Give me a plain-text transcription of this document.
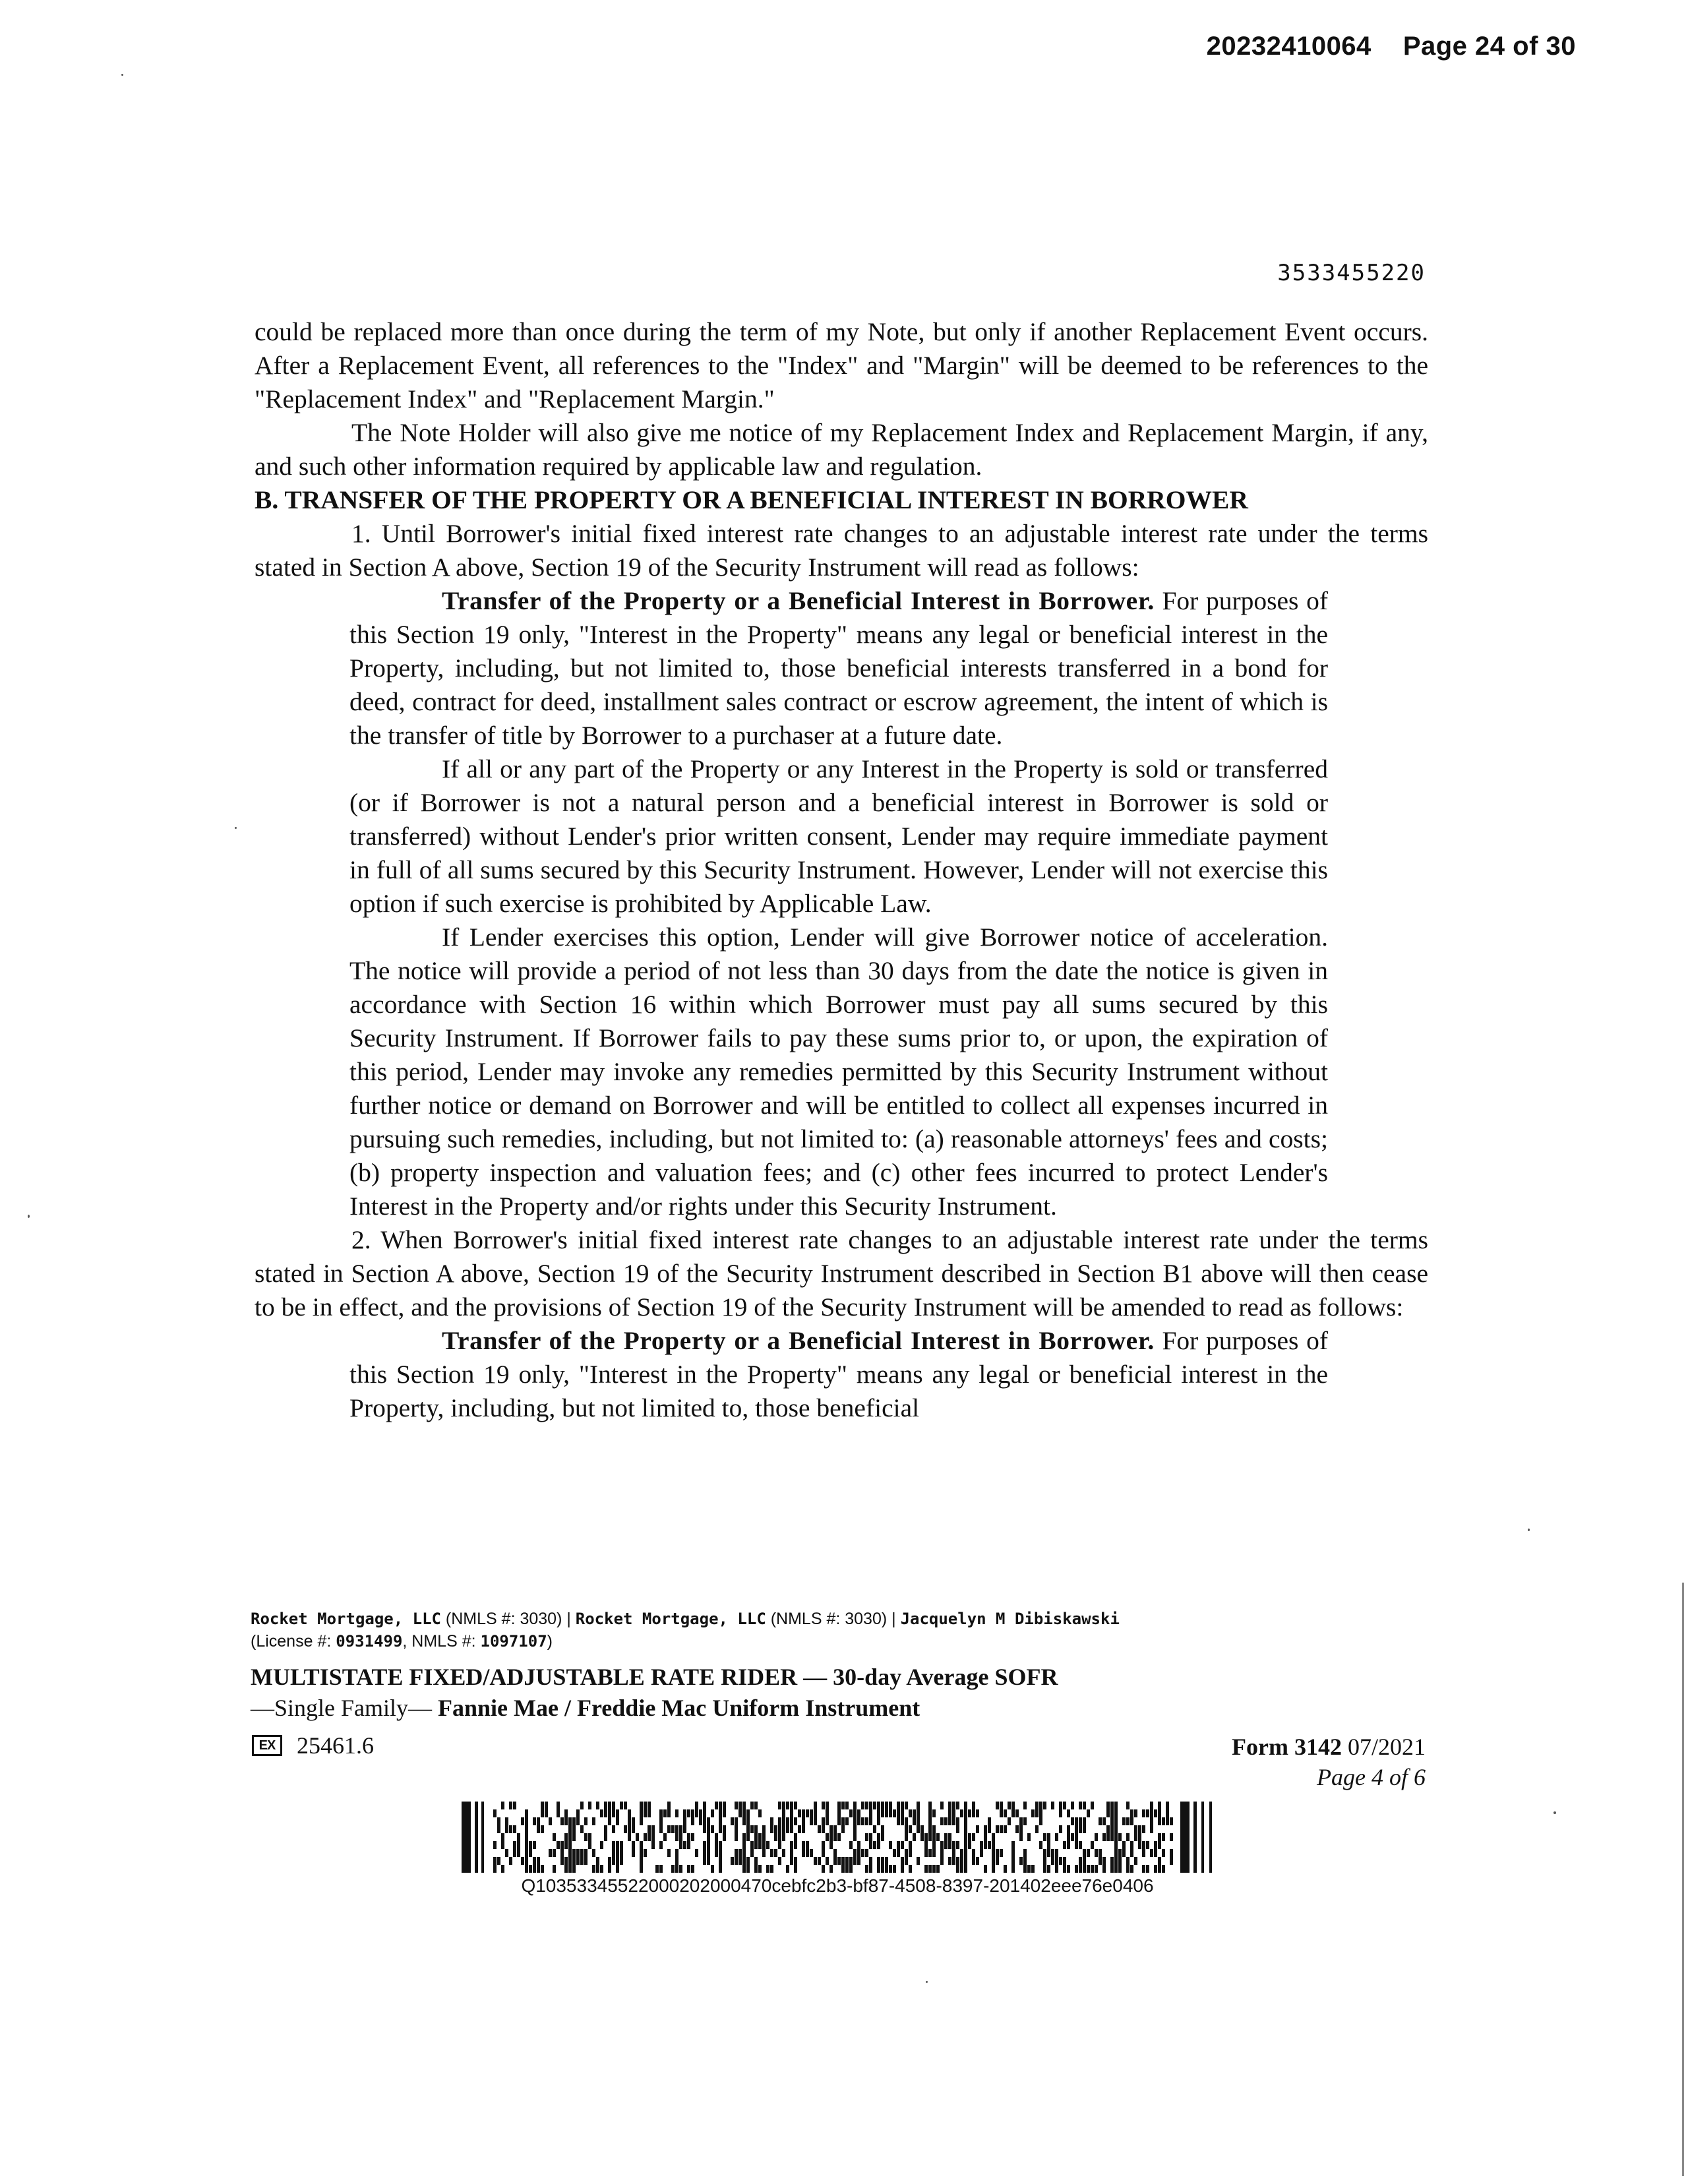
20232410064 Page 24 of 30
3533455220

could be replaced more than once during the term of my Note, but only if another Replacement Event occurs. After a Replacement Event, all references to the "Index" and "Margin" will be deemed to be references to the "Replacement Index" and "Replacement Margin."

The Note Holder will also give me notice of my Replacement Index and Replacement Margin, if any, and such other information required by applicable law and regulation.

B. TRANSFER OF THE PROPERTY OR A BENEFICIAL INTEREST IN BORROWER

1. Until Borrower's initial fixed interest rate changes to an adjustable interest rate under the terms stated in Section A above, Section 19 of the Security Instrument will read as follows:

Transfer of the Property or a Beneficial Interest in Borrower. For purposes of this Section 19 only, "Interest in the Property" means any legal or beneficial interest in the Property, including, but not limited to, those beneficial interests transferred in a bond for deed, contract for deed, installment sales contract or escrow agreement, the intent of which is the transfer of title by Borrower to a purchaser at a future date.

If all or any part of the Property or any Interest in the Property is sold or transferred (or if Borrower is not a natural person and a beneficial interest in Borrower is sold or transferred) without Lender's prior written consent, Lender may require immediate payment in full of all sums secured by this Security Instrument. However, Lender will not exercise this option if such exercise is prohibited by Applicable Law.

If Lender exercises this option, Lender will give Borrower notice of acceleration. The notice will provide a period of not less than 30 days from the date the notice is given in accordance with Section 16 within which Borrower must pay all sums secured by this Security Instrument. If Borrower fails to pay these sums prior to, or upon, the expiration of this period, Lender may invoke any remedies permitted by this Security Instrument without further notice or demand on Borrower and will be entitled to collect all expenses incurred in pursuing such remedies, including, but not limited to: (a) reasonable attorneys' fees and costs; (b) property inspection and valuation fees; and (c) other fees incurred to protect Lender's Interest in the Property and/or rights under this Security Instrument.

2. When Borrower's initial fixed interest rate changes to an adjustable interest rate under the terms stated in Section A above, Section 19 of the Security Instrument described in Section B1 above will then cease to be in effect, and the provisions of Section 19 of the Security Instrument will be amended to read as follows:

Transfer of the Property or a Beneficial Interest in Borrower. For purposes of this Section 19 only, "Interest in the Property" means any legal or beneficial interest in the Property, including, but not limited to, those beneficial

Rocket Mortgage, LLC (NMLS #: 3030) | Rocket Mortgage, LLC (NMLS #: 3030) | Jacquelyn M Dibiskawski
(License #: 0931499, NMLS #: 1097107)
MULTISTATE FIXED/ADJUSTABLE RATE RIDER — 30-day Average SOFR
—Single Family— Fannie Mae / Freddie Mac Uniform Instrument
EX 25461.6	Form 3142 07/2021
Page 4 of 6
Q10353345522000202000470cebfc2b3-bf87-4508-8397-201402eee76e0406
